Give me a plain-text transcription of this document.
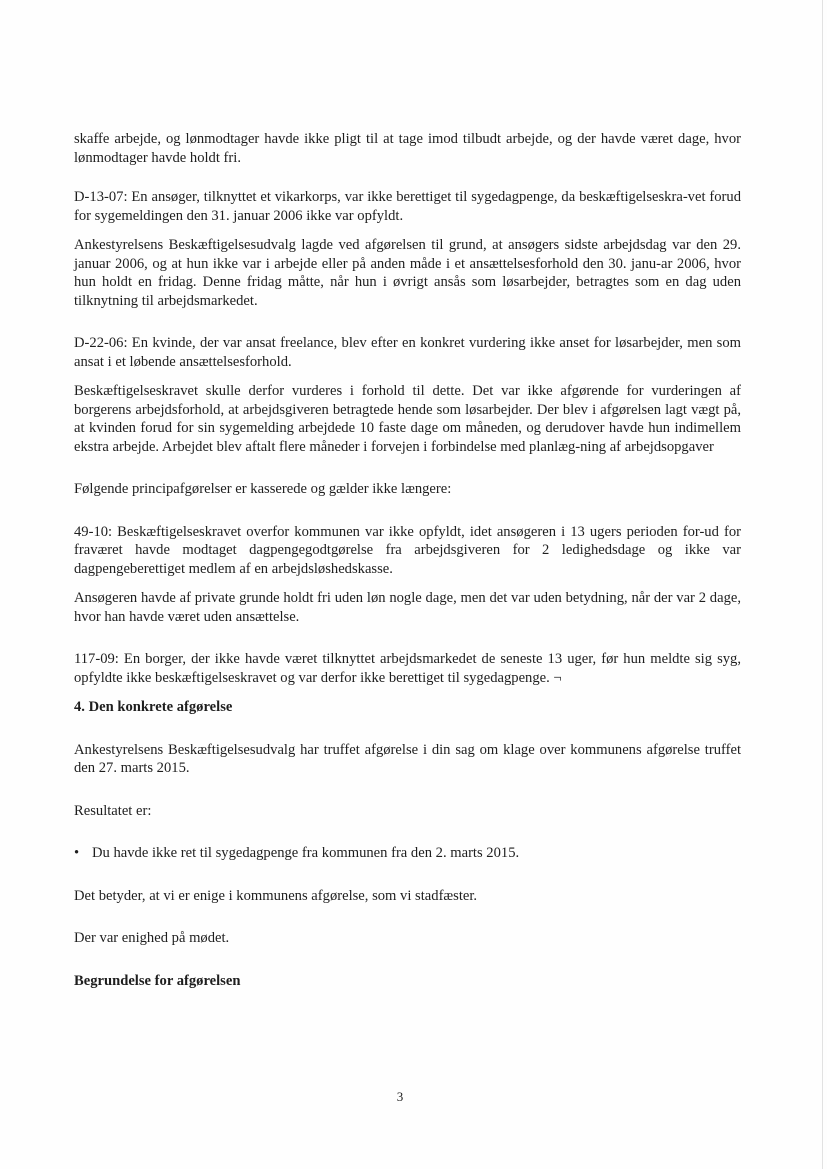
skaffe arbejde, og lønmodtager havde ikke pligt til at tage imod tilbudt arbejde, og der havde været dage, hvor lønmodtager havde holdt fri.

D-13-07: En ansøger, tilknyttet et vikarkorps, var ikke berettiget til sygedagpenge, da beskæftigelseskra-vet forud for sygemeldingen den 31. januar 2006 ikke var opfyldt.

Ankestyrelsens Beskæftigelsesudvalg lagde ved afgørelsen til grund, at ansøgers sidste arbejdsdag var den 29. januar 2006, og at hun ikke var i arbejde eller på anden måde i et ansættelsesforhold den 30. janu-ar 2006, hvor hun holdt en fridag. Denne fridag måtte, når hun i øvrigt ansås som løsarbejder, betragtes som en dag uden tilknytning til arbejdsmarkedet.

D-22-06: En kvinde, der var ansat freelance, blev efter en konkret vurdering ikke anset for løsarbejder, men som ansat i et løbende ansættelsesforhold.

Beskæftigelseskravet skulle derfor vurderes i forhold til dette. Det var ikke afgørende for vurderingen af borgerens arbejdsforhold, at arbejdsgiveren betragtede hende som løsarbejder. Der blev i afgørelsen lagt vægt på, at kvinden forud for sin sygemelding arbejdede 10 faste dage om måneden, og derudover havde hun indimellem ekstra arbejde. Arbejdet blev aftalt flere måneder i forvejen i forbindelse med planlæg-ning af arbejdsopgaver

Følgende principafgørelser er kasserede og gælder ikke længere:

49-10: Beskæftigelseskravet overfor kommunen var ikke opfyldt, idet ansøgeren i 13 ugers perioden for-ud for fraværet havde modtaget dagpengegodtgørelse fra arbejdsgiveren for 2 ledighedsdage og ikke var dagpengeberettiget medlem af en arbejdsløshedskasse.

Ansøgeren havde af private grunde holdt fri uden løn nogle dage, men det var uden betydning, når der var 2 dage, hvor han havde været uden ansættelse.

117-09: En borger, der ikke havde været tilknyttet arbejdsmarkedet de seneste 13 uger, før hun meldte sig syg, opfyldte ikke beskæftigelseskravet og var derfor ikke berettiget til sygedagpenge. ¬

4. Den konkrete afgørelse

Ankestyrelsens Beskæftigelsesudvalg har truffet afgørelse i din sag om klage over kommunens afgørelse truffet den 27. marts 2015.

Resultatet er:

• Du havde ikke ret til sygedagpenge fra kommunen fra den 2. marts 2015.

Det betyder, at vi er enige i kommunens afgørelse, som vi stadfæster.

Der var enighed på mødet.

Begrundelse for afgørelsen

3
